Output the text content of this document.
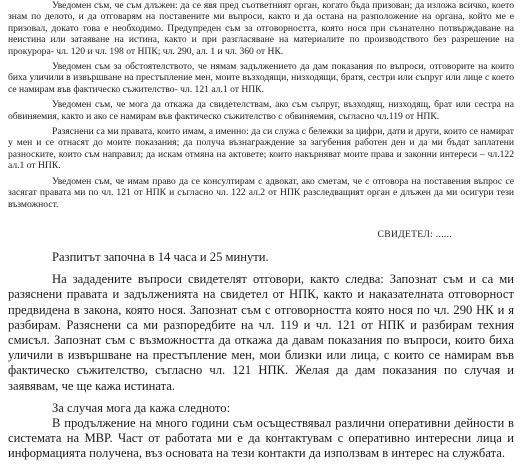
Уведомен съм, че съм длъжен: да се явя пред съответният орган, когато бъда призован; да изложа всичко, което знам по делото, и да отговарям на поставените ми въпроси, както и да остана на разположение на органа, който ме е призовал, докато това е необходимо. Предупреден съм за отговорността, която нося при съзнателно потвърждаване на неистина или затаяване на истина, както и при разгласяване на материалите по производството без разрешение на прокурора- чл. 120 и чл. 198 от НПК; чл. 290, ал. 1 и чл. 360 от НК.

Уведомен съм за обстоятелството, че нямам задължението да дам показания по въпроси, отговорите на които биха уличили в извършване на престъпление мен, моите възходящи, низходящи, братя, сестри или съпруг или лице с което се намирам във фактическо съжителство- чл. 121 ал.1 от НПК.

Уведомен съм, че мога да откажа да свидетелствам, ако съм съпруг, възходящ, низходящ, брат или сестра на обвиняемия, както и ако се намирам във фактическо съжителство с обвиняемия, съгласно чл.119 от НПК.

Разяснени са ми правата, които имам, а именно: да си служа с бележки за цифри, дати и други, които се намират у мен и се отнасят до моите показания; да получа възнаграждение за загубения работен ден и да ми бъдат заплатени разноските, които съм направил; да искам отмяна на актовете; които накърняват моите права и законни интереси – чл.122 ал.1 от НПК.

Уведомен съм, че имам право да се консултирам с адвокат, ако сметам, че с отговора на поставения въпрос се засягат правата ми по чл. 121 от НПК и съгласно чл. 122 ал.2 от НПК разследващият орган е длъжен да ми осигури тези възможност.

СВИДЕТЕЛ: ......

Разпитът започна в 14 часа и 25 минути.

На зададените въпроси свидетелят отговори, както следва: Запознат съм и са ми разяснени правата и задълженията на свидетел от НПК, както и наказателната отговорност предвидена в закона, която нося. Запознат съм с отговорността която нося по чл. 290 НК и я разбирам. Разяснени са ми разпоредбите на чл. 119 и чл. 121 от НПК и разбирам техния смисъл. Запознат съм с възможността да откажа да давам показания по въпроси, които биха уличили в извършване на престъпление мен, мои близки или лица, с които се намирам във фактическо съжителство, съгласно чл. 121 НПК. Желая да дам показания по случая и заявявам, че ще кажа истината.

За случая мога да кажа следното:

В продължение на много години съм осъществявал различни оперативни дейности в системата на МВР. Част от работата ми е да контактувам с оперативно интересни лица и информацията получена, въз основата на тези контакти да използвам в интерес на службата.
